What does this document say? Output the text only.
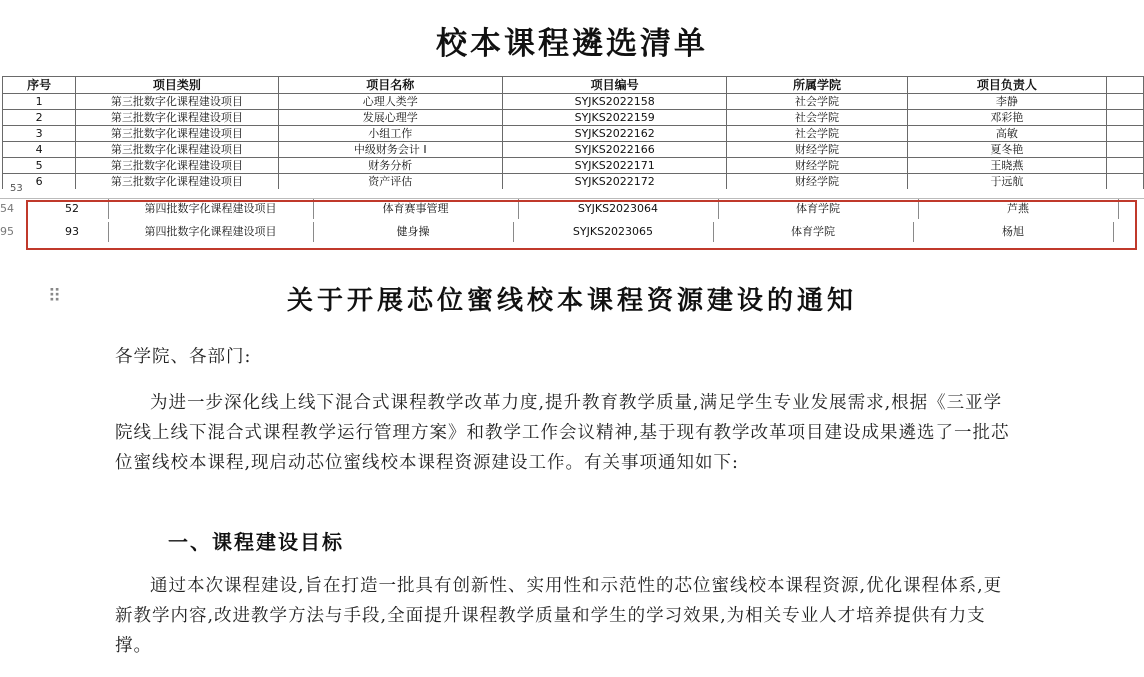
校本课程遴选清单
序号	项目类别	项目名称	项目编号	所属学院	项目负责人	
1	第三批数字化课程建设项目	心理人类学	SYJKS2022158	社会学院	李静	
2	第三批数字化课程建设项目	发展心理学	SYJKS2022159	社会学院	邓彩艳	
3	第三批数字化课程建设项目	小组工作	SYJKS2022162	社会学院	高敏	
4	第三批数字化课程建设项目	中级财务会计 I	SYJKS2022166	财经学院	夏冬艳	
5	第三批数字化课程建设项目	财务分析	SYJKS2022171	财经学院	王晓燕	
6	第三批数字化课程建设项目	资产评估	SYJKS2022172	财经学院	于远航	
53
54	52	第四批数字化课程建设项目	体育赛事管理	SYJKS2023064	体育学院	芦燕
95	93	第四批数字化课程建设项目	健身操	SYJKS2023065	体育学院	杨旭
⠿	关于开展芯位蜜线校本课程资源建设的通知
各学院、各部门:
为进一步深化线上线下混合式课程教学改革力度,提升教育教学质量,满足学生专业发展需求,根据《三亚学院线上线下混合式课程教学运行管理方案》和教学工作会议精神,基于现有教学改革项目建设成果遴选了一批芯位蜜线校本课程,现启动芯位蜜线校本课程资源建设工作。有关事项通知如下:
一、课程建设目标
通过本次课程建设,旨在打造一批具有创新性、实用性和示范性的芯位蜜线校本课程资源,优化课程体系,更新教学内容,改进教学方法与手段,全面提升课程教学质量和学生的学习效果,为相关专业人才培养提供有力支撑。
